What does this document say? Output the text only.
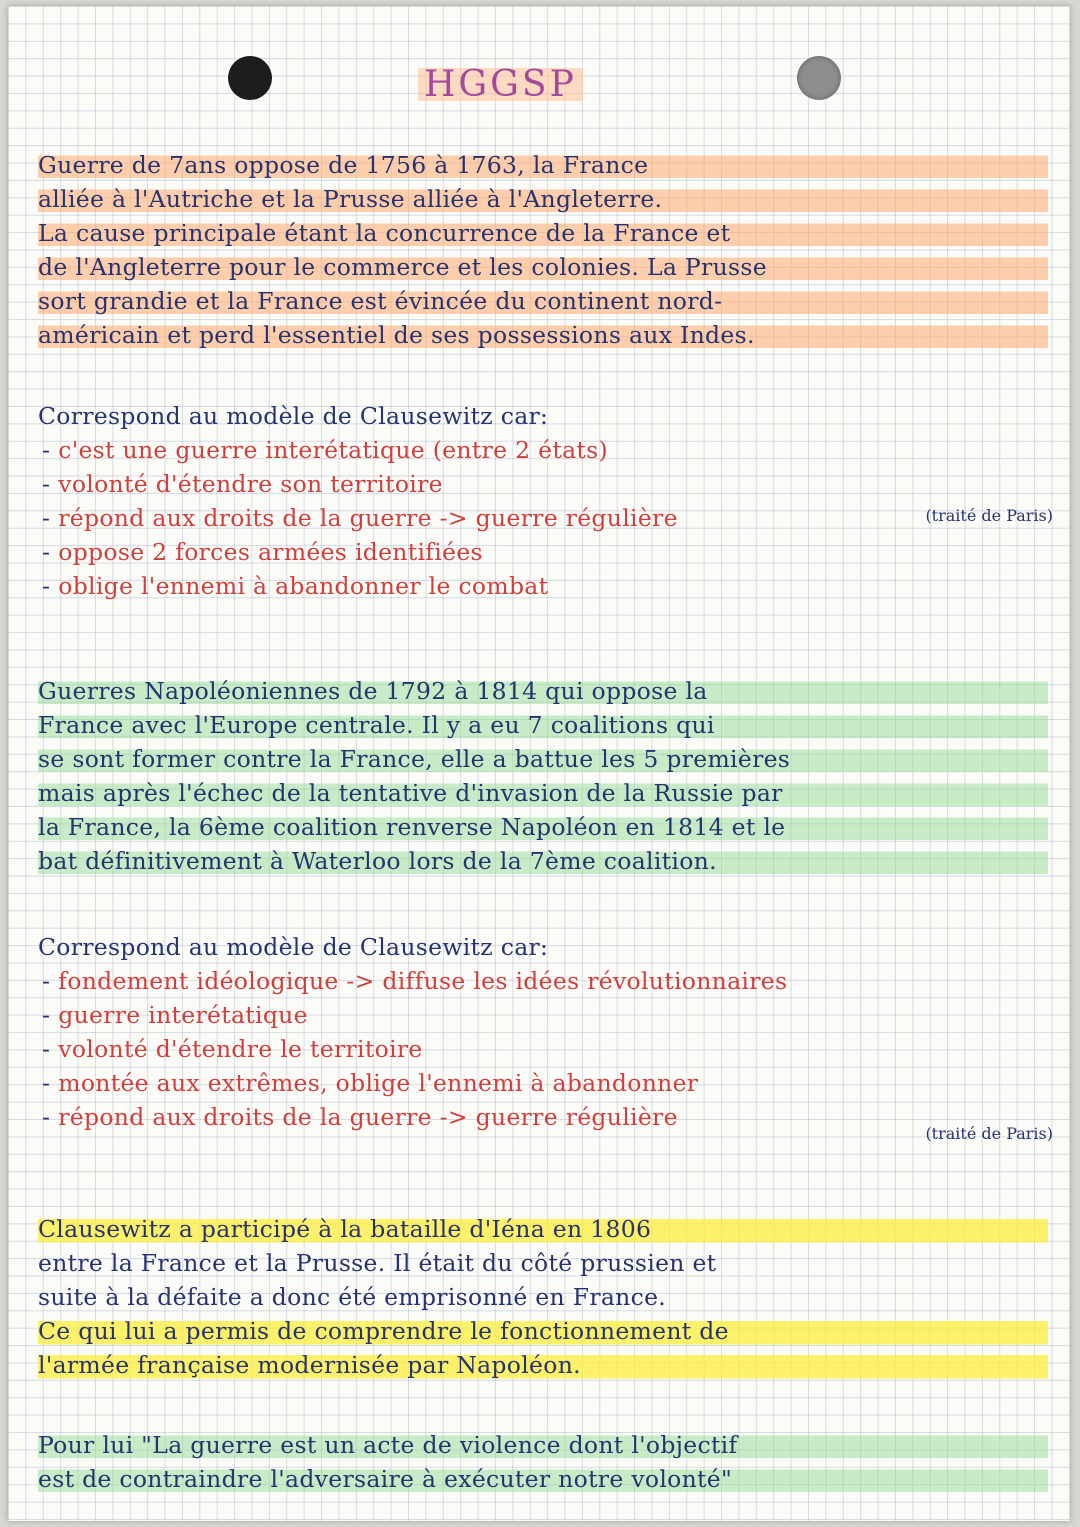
HGGSP

Guerre de 7ans oppose de 1756 à 1763, la France

alliée à l'Autriche et la Prusse alliée à l'Angleterre.

La cause principale étant la concurrence de la France et

de l'Angleterre pour le commerce et les colonies. La Prusse

sort grandie et la France est évincée du continent nord-

américain et perd l'essentiel de ses possessions aux Indes.

Correspond au modèle de Clausewitz car:

- c'est une guerre interétatique (entre 2 états)

- volonté d'étendre son territoire

- répond aux droits de la guerre -> guerre régulière

- oppose 2 forces armées identifiées

- oblige l'ennemi à abandonner le combat

(traité de Paris)

Guerres Napoléoniennes de 1792 à 1814 qui oppose la

France avec l'Europe centrale. Il y a eu 7 coalitions qui

se sont former contre la France, elle a battue les 5 premières

mais après l'échec de la tentative d'invasion de la Russie par

la France, la 6ème coalition renverse Napoléon en 1814 et le

bat définitivement à Waterloo lors de la 7ème coalition.

Correspond au modèle de Clausewitz car:

- fondement idéologique -> diffuse les idées révolutionnaires

- guerre interétatique

- volonté d'étendre le territoire

- montée aux extrêmes, oblige l'ennemi à abandonner

- répond aux droits de la guerre -> guerre régulière

(traité de Paris)

Clausewitz a participé à la bataille d'Iéna en 1806

entre la France et la Prusse. Il était du côté prussien et

suite à la défaite a donc été emprisonné en France.

Ce qui lui a permis de comprendre le fonctionnement de

l'armée française modernisée par Napoléon.

Pour lui "La guerre est un acte de violence dont l'objectif

est de contraindre l'adversaire à exécuter notre volonté"
